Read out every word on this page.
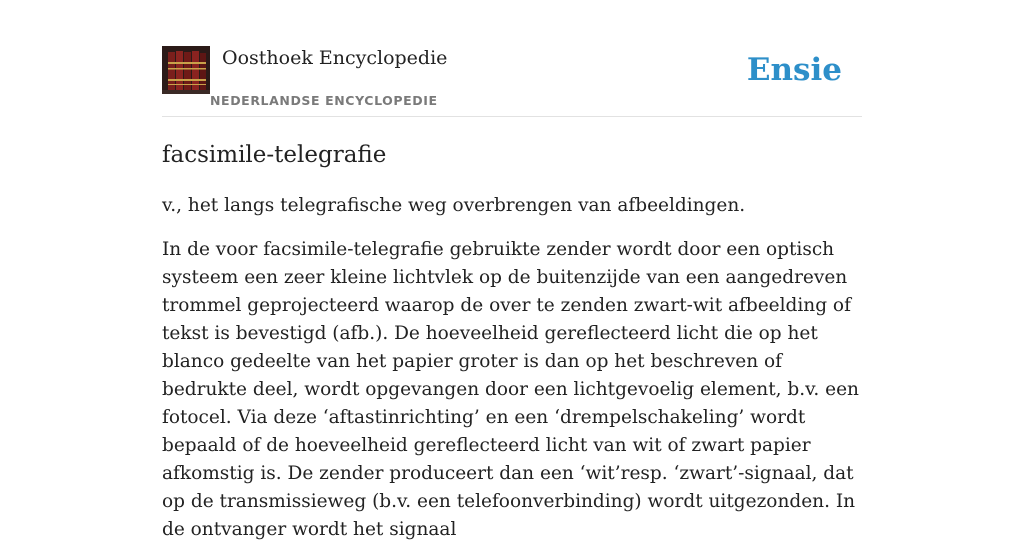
Oosthoek Encyclopedie
NEDERLANDSE ENCYCLOPEDIE
Ensie
facsimile-telegrafie

v., het langs telegrafische weg overbrengen van afbeeldingen.

In de voor facsimile-telegrafie gebruikte zender wordt door een optisch systeem een zeer kleine lichtvlek op de buitenzijde van een aangedreven trommel geprojecteerd waarop de over te zenden zwart-wit afbeelding of tekst is bevestigd (afb.). De hoeveelheid gereflecteerd licht die op het blanco gedeelte van het papier groter is dan op het beschreven of bedrukte deel, wordt opgevangen door een lichtgevoelig element, b.v. een fotocel. Via deze ‘aftastinrichting’ en een ‘drempelschakeling’ wordt bepaald of de hoeveelheid gereflecteerd licht van wit of zwart papier afkomstig is. De zender produceert dan een ‘wit’resp. ‘zwart’-signaal, dat op de transmissieweg (b.v. een telefoonverbinding) wordt uitgezonden. In de ontvanger wordt het signaal
